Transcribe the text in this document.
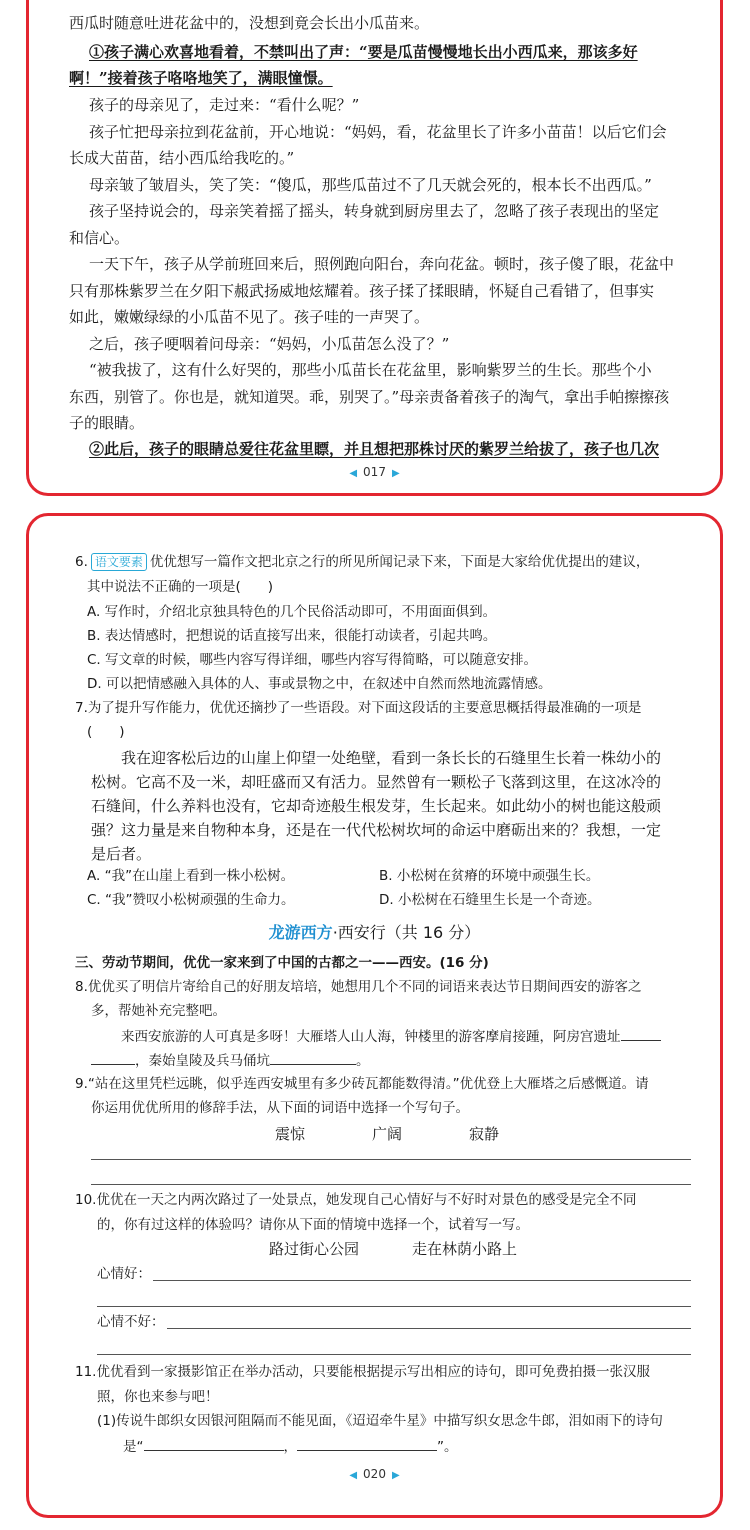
西瓜时随意吐进花盆中的，没想到竟会长出小瓜苗来。
①孩子满心欢喜地看着，不禁叫出了声：“要是瓜苗慢慢地长出小西瓜来，那该多好
啊！”接着孩子咯咯地笑了，满眼憧憬。
孩子的母亲见了，走过来：“看什么呢？”
孩子忙把母亲拉到花盆前，开心地说：“妈妈，看，花盆里长了许多小苗苗！以后它们会
长成大苗苗，结小西瓜给我吃的。”
母亲皱了皱眉头，笑了笑：“傻瓜，那些瓜苗过不了几天就会死的，根本长不出西瓜。”
孩子坚持说会的，母亲笑着摇了摇头，转身就到厨房里去了，忽略了孩子表现出的坚定
和信心。
一天下午，孩子从学前班回来后，照例跑向阳台，奔向花盆。顿时，孩子傻了眼，花盆中
只有那株紫罗兰在夕阳下赧武扬威地炫耀着。孩子揉了揉眼睛，怀疑自己看错了，但事实
如此，嫩嫩绿绿的小瓜苗不见了。孩子哇的一声哭了。
之后，孩子哽咽着问母亲：“妈妈，小瓜苗怎么没了？”
“被我拔了，这有什么好哭的，那些小瓜苗长在花盆里，影响紫罗兰的生长。那些个小
东西，别管了。你也是，就知道哭。乖，别哭了。”母亲责备着孩子的淘气，拿出手帕擦擦孩
子的眼睛。
②此后，孩子的眼睛总爱往花盆里瞟，并且想把那株讨厌的紫罗兰给拔了，孩子也几次
◀ 017 ▶
6. 语文要素 优优想写一篇作文把北京之行的所见所闻记录下来，下面是大家给优优提出的建议，
其中说法不正确的一项是(　　)
A. 写作时，介绍北京独具特色的几个民俗活动即可，不用面面俱到。
B. 表达情感时，把想说的话直接写出来，很能打动读者，引起共鸣。
C. 写文章的时候，哪些内容写得详细，哪些内容写得简略，可以随意安排。
D. 可以把情感融入具体的人、事或景物之中，在叙述中自然而然地流露情感。
7.为了提升写作能力，优优还摘抄了一些语段。对下面这段话的主要意思概括得最准确的一项是
(　　)
我在迎客松后边的山崖上仰望一处绝壁，看到一条长长的石缝里生长着一株幼小的
松树。它高不及一米，却旺盛而又有活力。显然曾有一颗松子飞落到这里，在这冰冷的
石缝间，什么养料也没有，它却奇迹般生根发芽，生长起来。如此幼小的树也能这般顽
强？这力量是来自物种本身，还是在一代代松树坎坷的命运中磨砺出来的？我想，一定
是后者。
A. “我”在山崖上看到一株小松树。	B. 小松树在贫瘠的环境中顽强生长。
C. “我”赞叹小松树顽强的生命力。	D. 小松树在石缝里生长是一个奇迹。
龙游西方·西安行（共 16 分）
三、劳动节期间，优优一家来到了中国的古都之一——西安。(16 分)
8.优优买了明信片寄给自己的好朋友培培，她想用几个不同的词语来表达节日期间西安的游客之
多，帮她补充完整吧。
来西安旅游的人可真是多呀！大雁塔人山人海，钟楼里的游客摩肩接踵，阿房宫遗址
，秦始皇陵及兵马俑坑	。
9.“站在这里凭栏远眺，似乎连西安城里有多少砖瓦都能数得清。”优优登上大雁塔之后感慨道。请
你运用优优所用的修辞手法，从下面的词语中选择一个写句子。
震惊	广阔	寂静
10.优优在一天之内两次路过了一处景点，她发现自己心情好与不好时对景色的感受是完全不同
的，你有过这样的体验吗？请你从下面的情境中选择一个，试着写一写。
路过街心公园	走在林荫小路上
心情好：
心情不好：
11.优优看到一家摄影馆正在举办活动，只要能根据提示写出相应的诗句，即可免费拍摄一张汉服
照，你也来参与吧！
(1)传说牛郎织女因银河阻隔而不能见面，《迢迢牵牛星》中描写织女思念牛郎，泪如雨下的诗句
是“	，	”。
◀ 020 ▶
